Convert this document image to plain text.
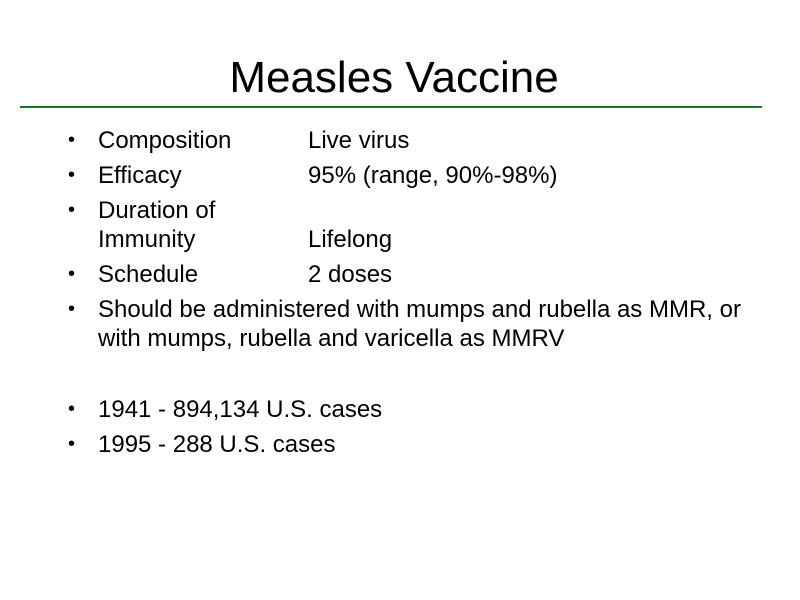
Measles Vaccine
• Composition	Live virus
• Efficacy	95% (range, 90%-98%)
• Duration of
Immunity	Lifelong
• Schedule	2 doses
• Should be administered with mumps and rubella as MMR, or with mumps, rubella and varicella as MMRV
• 1941 - 894,134 U.S. cases
• 1995 - 288 U.S. cases
